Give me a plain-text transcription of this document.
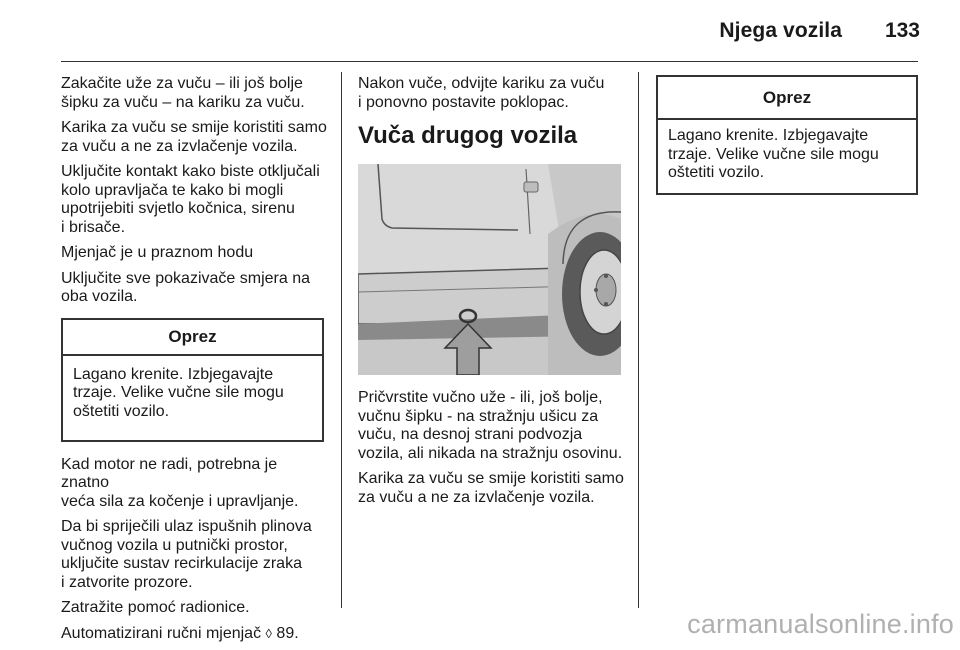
Njega vozila 133

Zakačite uže za vuču – ili još bolje
šipku za vuču – na kariku za vuču.

Karika za vuču se smije koristiti samo
za vuču a ne za izvlačenje vozila.

Uključite kontakt kako biste otključali
kolo upravljača te kako bi mogli
upotrijebiti svjetlo kočnica, sirenu
i brisače.

Mjenjač je u praznom hodu

Uključite sve pokazivače smjera na
oba vozila.

Oprez
Lagano krenite. Izbjegavajte
trzaje. Velike vučne sile mogu
oštetiti vozilo.

Kad motor ne radi, potrebna je znatno
veća sila za kočenje i upravljanje.

Da bi spriječili ulaz ispušnih plinova
vučnog vozila u putnički prostor,
uključite sustav recirkulacije zraka
i zatvorite prozore.

Zatražite pomoć radionice.

Automatizirani ručni mjenjač ◊ 89.

Nakon vuče, odvijte kariku za vuču
i ponovno postavite poklopac.

Vuča drugog vozila

Pričvrstite vučno uže - ili, još bolje,
vučnu šipku - na stražnju ušicu za
vuču, na desnoj strani podvozja
vozila, ali nikada na stražnju osovinu.

Karika za vuču se smije koristiti samo
za vuču a ne za izvlačenje vozila.

Oprez
Lagano krenite. Izbjegavajte
trzaje. Velike vučne sile mogu
oštetiti vozilo.
carmanualsonline.info
